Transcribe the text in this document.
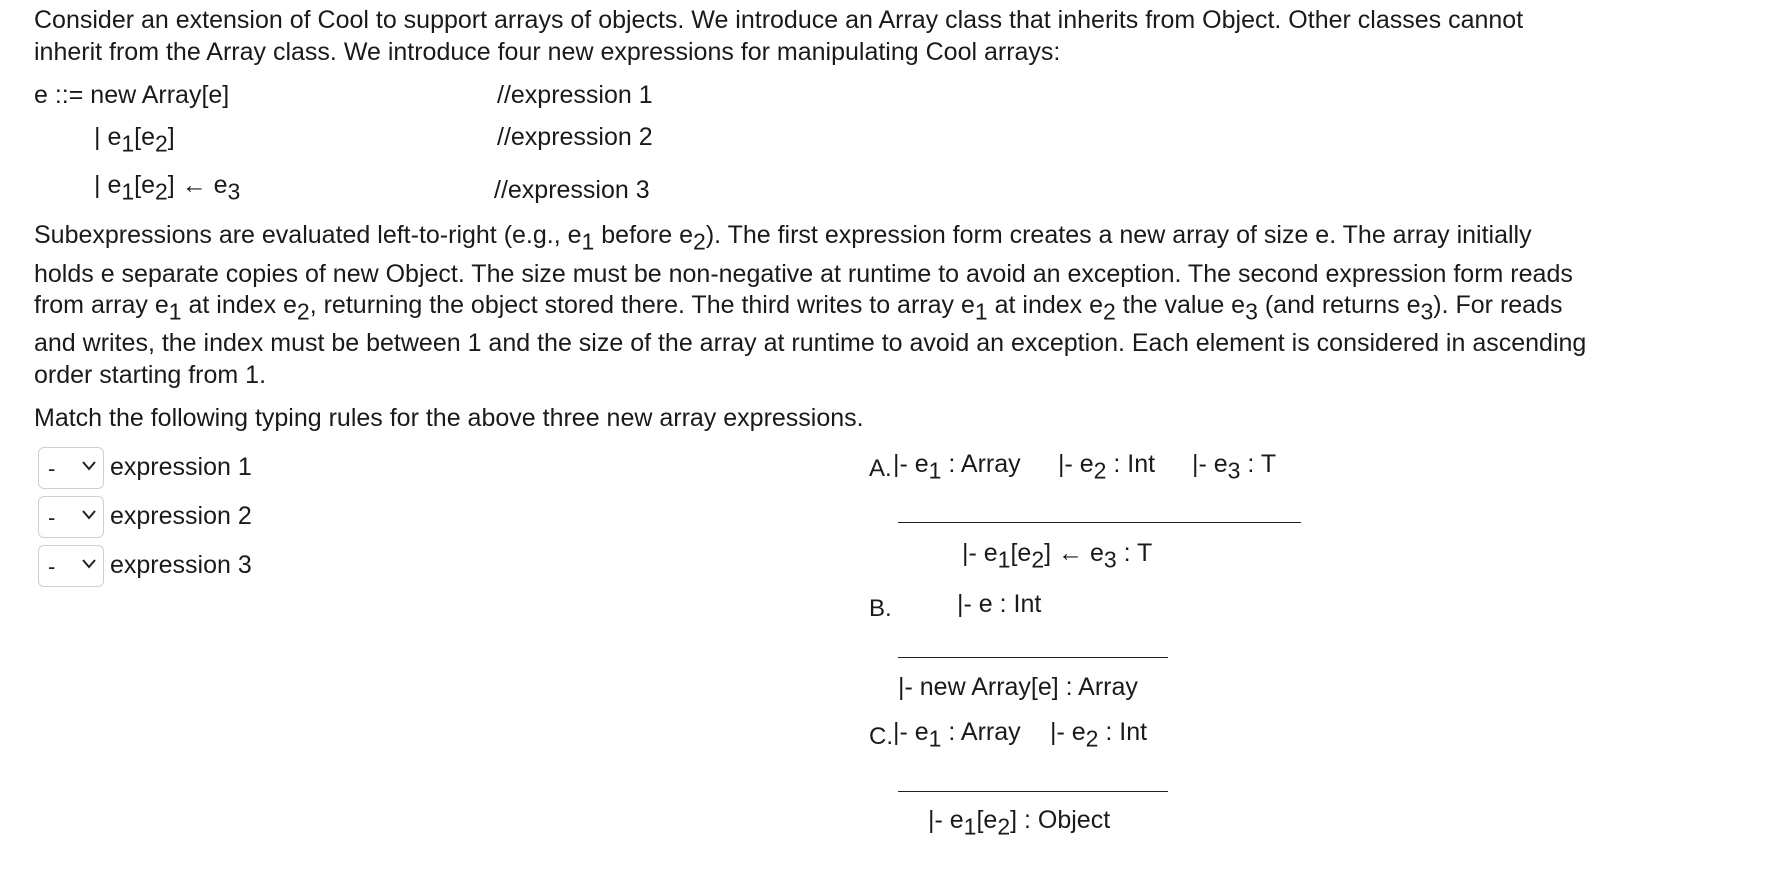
Consider an extension of Cool to support arrays of objects. We introduce an Array class that inherits from Object. Other classes cannot

inherit from the Array class. We introduce four new expressions for manipulating Cool arrays:

e ::= new Array[e]	//expression 1
| $e_1[e_2]$	//expression 2
| $e_1[e_2]$ ← $e_3$	//expression 3
Subexpressions are evaluated left-to-right (e.g., $e_1$ before $e_2$). The first expression form creates a new array of size e. The array initially
holds e separate copies of new Object. The size must be non-negative at runtime to avoid an exception. The second expression form reads
from array $e_1$ at index $e_2$, returning the object stored there. The third writes to array $e_1$ at index $e_2$ the value $e_3$ (and returns $e_3$). For reads
and writes, the index must be between 1 and the size of the array at runtime to avoid an exception. Each element is considered in ascending
order starting from 1.
Match the following typing rules for the above three new array expressions.
- expression 1
- expression 2
- expression 3
A. |- $e_1$ : Array |- $e_2$ : Int |- $e_3$ : T
|- $e_1[e_2]$ ← $e_3$ : T
B.	|- e : Int
|- new Array[e] : Array
C. |- $e_1$ : Array |- $e_2$ : Int
|- $e_1[e_2]$ : Object
